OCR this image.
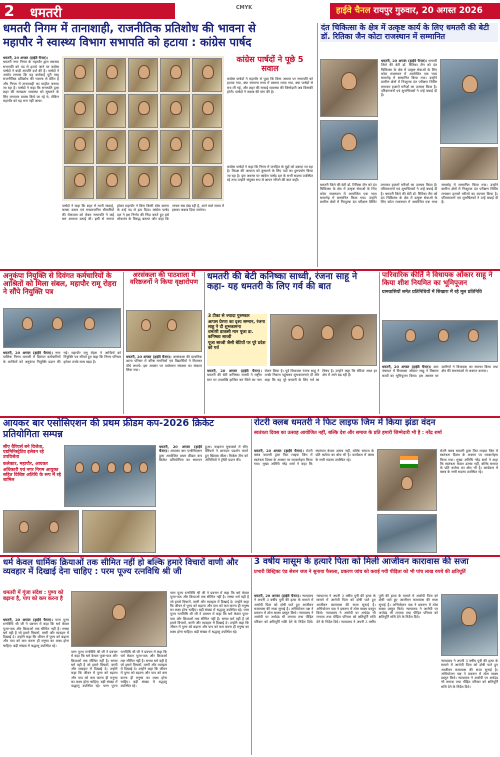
2 धमतरी	CMYK	हाईवे चैनल रायपुर गुरुवार, 20 अगस्त 2026
धमतरी निगम में तानाशाही, राजनीतिक प्रतिशोध की भावना से
महापौर ने स्वास्थ्य विभाग सभापति को हटाया : कांग्रेस पार्षद
धमतरी, 20 अगस्त (हाईवे चैनल)।
धमतरी नगर निगम के महापौर द्वारा स्वास्थ्य सभापति को पद से हटाये जाने पर कांग्रेस पार्षदों ने कड़ी आपत्ति दर्ज की है। पार्षदों ने आरोप लगाया कि यह कार्रवाई पूरी तरह राजनीतिक प्रतिशोध की भावना से प्रेरित है और निगम में तानाशाही का माहौल बनाया जा रहा है। पार्षदों ने कहा कि सभापति द्वारा शहर की स्वच्छता व्यवस्था को सुधारने के लिए लगातार प्रयास किये जा रहे थे, लेकिन महापौर को यह रास नहीं आया।
कांग्रेस पार्षदों ने पूछे 5 सवाल
कांग्रेस पार्षदों ने महापौर से पूछा कि किस आधार पर सभापति को हटाया गया, क्या सामान्य सभा में प्रस्ताव लाया गया, क्या पार्षदों से राय ली गई, और शहर की सफाई व्यवस्था की जिम्मेदारी अब किसकी होगी। पार्षदों ने जवाब की मांग की है।
कांग्रेस पार्षदों ने कहा कि निगम में जनहित के मुद्दों को दबाया जा रहा है। विपक्ष की आवाज को कुचलने के लिए पदों का दुरुपयोग किया जा रहा है। इस अवसर पर कांग्रेस पार्षद दल के सभी सदस्य उपस्थित रहे तथा उन्होंने संयुक्त रूप से ज्ञापन सौंपने की बात कही।
पार्षदों ने कहा कि शहर में नाली सफाई, कचरा उठाव एवं मच्छरजनित बीमारियों की रोकथाम को लेकर सभापति ने कई बार आवाज उठाई थी। इसी से नाराज होकर महापौर ने बिना किसी ठोस कारण के उन्हें पद से हटा दिया। कांग्रेस पार्षद दल ने इस निर्णय की निंदा करते हुए इसे लोकतंत्र के विरुद्ध बताया और कहा कि जनता सब देख रही है, आने वाले समय में इसका जवाब दिया जायेगा।
दंत चिकित्सा के क्षेत्र में उत्कृष्ट कार्य के लिए धमतरी की बेटी डॉ. रितिका जैन कोटा राजस्थान में सम्मानित
धमतरी, 20 अगस्त (हाईवे चैनल)। धमतरी जिले की बेटी डॉ. रितिका जैन को दंत चिकित्सा के क्षेत्र में उत्कृष्ट सेवाओं के लिए कोटा राजस्थान में आयोजित एक भव्य समारोह में सम्मानित किया गया। उन्होंने ग्रामीण क्षेत्रों में निःशुल्क दंत परीक्षण शिविर लगाकर हजारों मरीजों का उपचार किया है। परिवारजनों एवं शुभचिंतकों ने उन्हें बधाई दी है।
धमतरी जिले की बेटी डॉ. रितिका जैन को दंत चिकित्सा के क्षेत्र में उत्कृष्ट सेवाओं के लिए कोटा राजस्थान में आयोजित एक भव्य समारोह में सम्मानित किया गया। उन्होंने ग्रामीण क्षेत्रों में निःशुल्क दंत परीक्षण शिविर लगाकर हजारों मरीजों का उपचार किया है। परिवारजनों एवं शुभचिंतकों ने उन्हें बधाई दी है। धमतरी जिले की बेटी डॉ. रितिका जैन को दंत चिकित्सा के क्षेत्र में उत्कृष्ट सेवाओं के लिए कोटा राजस्थान में आयोजित एक भव्य समारोह में सम्मानित किया गया। उन्होंने ग्रामीण क्षेत्रों में निःशुल्क दंत परीक्षण शिविर लगाकर हजारों मरीजों का उपचार किया है। परिवारजनों एवं शुभचिंतकों ने उन्हें बधाई दी है।
अनुकंपा नियुक्ति से दिवंगत कर्मचारियों के आश्रितों को मिला संबल, महापौर रामू रोहरा ने सौंपे नियुक्ति पत्र
धमतरी, 20 अगस्त (हाईवे चैनल)। नगर पालिक निगम धमतरी में दिवंगत कर्मचारियों के आश्रितों को अनुकंपा नियुक्ति प्रदान की गई। महापौर रामू रोहरा ने आश्रितों को नियुक्ति पत्र सौंपते हुए कहा कि निगम परिवार हमेशा उनके साथ खड़ा है।
अरसंकला की पाठशाला में वरिष्ठजनों ने किया वृक्षारोपण
धमतरी, 20 अगस्त (हाईवे चैनल)। अरसंकला की प्राथमिक शाला परिसर में वरिष्ठ नागरिकों एवं विद्यार्थियों ने मिलकर पौधे लगाये। इस अवसर पर पर्यावरण संरक्षण का संकल्प लिया गया।
धमतरी की बेटी कनिष्का साध्वी, रंजना साहू ने कहा- यह धमतरी के लिए गर्व की बात
3 टीका से ज्यादा पुरुष्कार
आपस प्रेरणा का दृश्य सम्मान, रंजना साहू ने दी शुभकामना
धमतरी डाकसी मान पूजा डा. कनिष्का साध्वी
पूजा साध्वी जैसी बेटियों पर पूरे प्रदेश को गर्व
धमतरी, 20 अगस्त (हाईवे चैनल)। धमतरी की बेटी कनिष्का साध्वी ने राष्ट्रीय स्तर पर उपलब्धि हासिल कर जिले का नाम रोशन किया है। पूर्व विधायक रंजना साहू ने उनके निवास पहुंचकर शुभकामनाएं दीं और कहा कि यह पूरे धमतरी के लिए गर्व का विषय है। उन्होंने कहा कि बेटियां आज हर क्षेत्र में आगे बढ़ रही हैं।
पारिवारिक कीर्ति ने विधायक ओंकार साहू ने किया शीश नियमित का भूमिपूजन
ग्रामवासियों समेत प्रतिनिधियों में सिखारा में रहे मूल प्रतिनिधि
धमतरी, 20 अगस्त (हाईवे चैनल)। ग्राम पंचायत में विधायक ओंकार साहू ने विकास कार्यों का भूमिपूजन किया। इस अवसर पर ग्रामीणों ने विधायक का स्वागत किया तथा क्षेत्र की समस्याओं से अवगत कराया।
आयकर बार एसोसिएशन की प्रथम फ्रीडम कप-2026 क्रिकेट प्रतियोगिता सम्पन्न
सीए वैरियर्स बने विजेता, एडमिनिस्ट्रेटिव इलेवन रहे उपविजेता
कलेक्टर, महापौर, आयकर अधिकारी एवं नगर निगम आयुक्त सहित विशिष्ट अतिथि के रूप में रहे शामिल
धमतरी, 20 अगस्त (हाईवे चैनल)। आयकर बार एसोसिएशन द्वारा आयोजित प्रथम फ्रीडम कप क्रिकेट प्रतियोगिता का समापन हुआ। फाइनल मुकाबले में सीए वैरियर्स ने शानदार प्रदर्शन करते हुए खिताब जीता। विजेता टीम को अतिथियों ने ट्रॉफी प्रदान की।
रोटरी क्लब धमतरी ने फिट लाइफ जिम में किया झंडा वंदन
स्वतंत्रता दिवस का उत्साह आयोजित नहीं, बल्कि देश और समाज के प्रति हमारी जिम्मेदारी भी है : नरेंद्र शर्मा
धमतरी, 20 अगस्त (हाईवे चैनल)। रोटरी क्लब धमतरी द्वारा फिट लाइफ जिम में स्वतंत्रता दिवस के अवसर पर ध्वजारोहण किया गया। मुख्य अतिथि नरेंद्र शर्मा ने कहा कि स्वतंत्रता केवल उत्सव नहीं, बल्कि समाज के प्रति कर्तव्य का बोध भी है। कार्यक्रम में क्लब के सभी सदस्य उपस्थित रहे।
रोटरी क्लब धमतरी द्वारा फिट लाइफ जिम में स्वतंत्रता दिवस के अवसर पर ध्वजारोहण किया गया। मुख्य अतिथि नरेंद्र शर्मा ने कहा कि स्वतंत्रता केवल उत्सव नहीं, बल्कि समाज के प्रति कर्तव्य का बोध भी है। कार्यक्रम में क्लब के सभी सदस्य उपस्थित रहे।
धर्म केवल धार्मिक क्रियाओं तक सीमित नहीं हो बल्कि हमारे विचारों वाणी और व्यवहार में दिखाई देना चाहिए : परम पूज्य रत्नविधि श्री जी
धमतरी में गूंजा संदेश : पुण्य को बढ़ाना है, पाप को कम करना है
धमतरी, 20 अगस्त (हाईवे चैनल)। परम पूज्य रत्नविधि श्री जी ने प्रवचन में कहा कि धर्म केवल पूजा-पाठ और क्रियाओं तक सीमित नहीं है। सच्चा धर्म वही है जो हमारे विचारों, वाणी और व्यवहार में दिखाई दे। उन्होंने कहा कि जीवन में पुण्य को बढ़ाना और पाप को कम करना ही मनुष्य का लक्ष्य होना चाहिए। बड़ी संख्या में श्रद्धालु उपस्थित रहे।
परम पूज्य रत्नविधि श्री जी ने प्रवचन में कहा कि धर्म केवल पूजा-पाठ और क्रियाओं तक सीमित नहीं है। सच्चा धर्म वही है जो हमारे विचारों, वाणी और व्यवहार में दिखाई दे। उन्होंने कहा कि जीवन में पुण्य को बढ़ाना और पाप को कम करना ही मनुष्य का लक्ष्य होना चाहिए। बड़ी संख्या में श्रद्धालु उपस्थित रहे। परम पूज्य रत्नविधि श्री जी ने प्रवचन में कहा कि धर्म केवल पूजा-पाठ और क्रियाओं तक सीमित नहीं है। सच्चा धर्म वही है जो हमारे विचारों, वाणी और व्यवहार में दिखाई दे। उन्होंने कहा कि जीवन में पुण्य को बढ़ाना और पाप को कम करना ही मनुष्य का लक्ष्य होना चाहिए। बड़ी संख्या में श्रद्धालु उपस्थित रहे।
परम पूज्य रत्नविधि श्री जी ने प्रवचन में कहा कि धर्म केवल पूजा-पाठ और क्रियाओं तक सीमित नहीं है। सच्चा धर्म वही है जो हमारे विचारों, वाणी और व्यवहार में दिखाई दे। उन्होंने कहा कि जीवन में पुण्य को बढ़ाना और पाप को कम करना ही मनुष्य का लक्ष्य होना चाहिए। बड़ी संख्या में श्रद्धालु उपस्थित रहे। परम पूज्य रत्नविधि श्री जी ने प्रवचन में कहा कि धर्म केवल पूजा-पाठ और क्रियाओं तक सीमित नहीं है। सच्चा धर्म वही है जो हमारे विचारों, वाणी और व्यवहार में दिखाई दे। उन्होंने कहा कि जीवन में पुण्य को बढ़ाना और पाप को कम करना ही मनुष्य का लक्ष्य होना चाहिए। बड़ी संख्या में श्रद्धालु उपस्थित रहे।
3 वर्षीय मासूम के हत्यारे पिता को मिली आजीवन कारावास की सजा
प्रभारी डिस्ट्रिक्ट एंड सेशन जज ने सुनाया फैसला, प्रकरण जांच को कराई गयी पीड़िता को भी पांच लाख रुपये की क्षतिपूर्ति
धमतरी, 20 अगस्त (हाईवे चैनल)। न्यायालय ने अपनी 3 वर्षीय पुत्री की हत्या के मामले में आरोपी पिता को दोषी पाते हुए आजीवन कारावास की सजा सुनाई है। अभियोजन पक्ष ने प्रकरण में ठोस साक्ष्य प्रस्तुत किये। न्यायालय ने आरोपी पर अर्थदंड भी लगाया तथा पीड़ित परिवार को क्षतिपूर्ति राशि देने के निर्देश दिये। न्यायालय ने अपनी 3 वर्षीय पुत्री की हत्या के मामले में आरोपी पिता को दोषी पाते हुए आजीवन कारावास की सजा सुनाई है। अभियोजन पक्ष ने प्रकरण में ठोस साक्ष्य प्रस्तुत किये। न्यायालय ने आरोपी पर अर्थदंड भी लगाया तथा पीड़ित परिवार को क्षतिपूर्ति राशि देने के निर्देश दिये। न्यायालय ने अपनी 3 वर्षीय पुत्री की हत्या के मामले में आरोपी पिता को दोषी पाते हुए आजीवन कारावास की सजा सुनाई है। अभियोजन पक्ष ने प्रकरण में ठोस साक्ष्य प्रस्तुत किये। न्यायालय ने आरोपी पर अर्थदंड भी लगाया तथा पीड़ित परिवार को क्षतिपूर्ति राशि देने के निर्देश दिये।
न्यायालय ने अपनी 3 वर्षीय पुत्री की हत्या के मामले में आरोपी पिता को दोषी पाते हुए आजीवन कारावास की सजा सुनाई है। अभियोजन पक्ष ने प्रकरण में ठोस साक्ष्य प्रस्तुत किये। न्यायालय ने आरोपी पर अर्थदंड भी लगाया तथा पीड़ित परिवार को क्षतिपूर्ति राशि देने के निर्देश दिये।
